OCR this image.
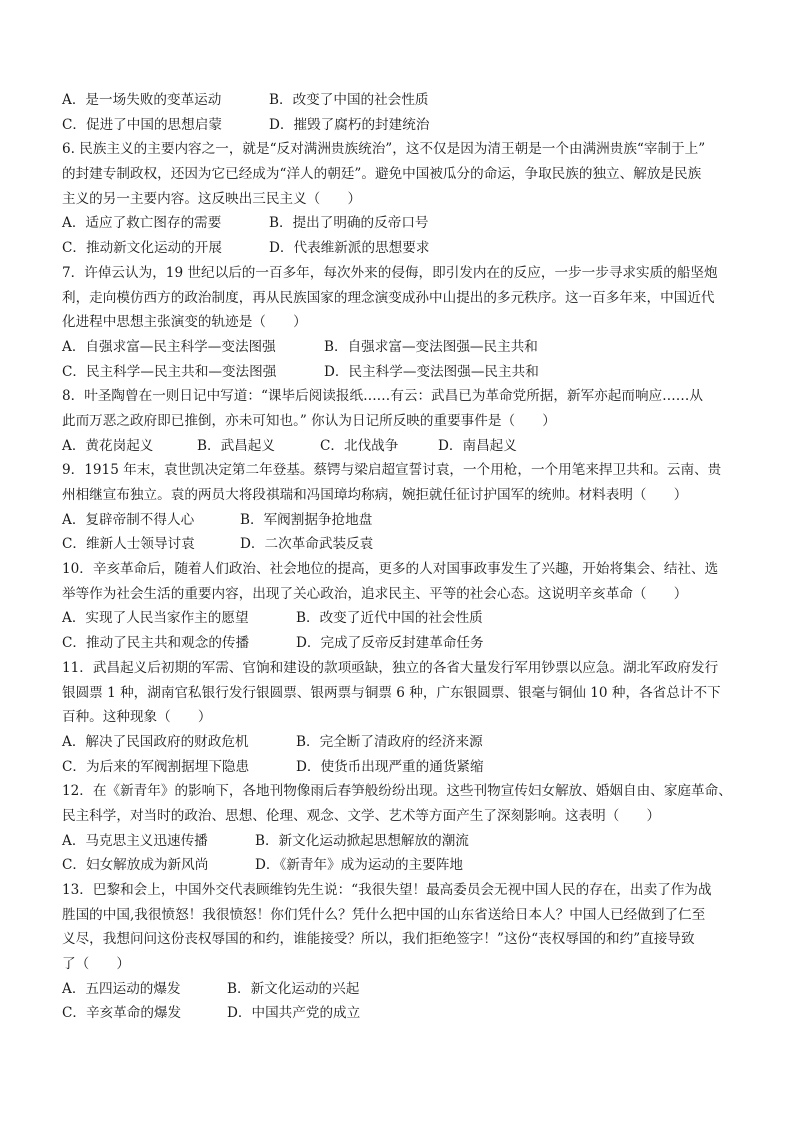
A．是一场失败的变革运动	B．改变了中国的社会性质
C．促进了中国的思想启蒙	D．摧毁了腐朽的封建统治
6. 民族主义的主要内容之一，就是“反对满洲贵族统治”，这不仅是因为清王朝是一个由满洲贵族“宰制于上”
的封建专制政权，还因为它已经成为“洋人的朝廷”。避免中国被瓜分的命运，争取民族的独立、解放是民族
主义的另一主要内容。这反映出三民主义（　　）
A．适应了救亡图存的需要	B．提出了明确的反帝口号
C．推动新文化运动的开展	D．代表维新派的思想要求
7．许倬云认为，19 世纪以后的一百多年，每次外来的侵侮，即引发内在的反应，一步一步寻求实质的船坚炮
利，走向模仿西方的政治制度，再从民族国家的理念演变成孙中山提出的多元秩序。这一百多年来，中国近代
化进程中思想主张演变的轨迹是（　　）
A．自强求富—民主科学—变法图强	B．自强求富—变法图强—民主共和
C．民主科学—民主共和—变法图强	D．民主科学—变法图强—民主共和
8．叶圣陶曾在一则日记中写道：“课毕后阅读报纸……有云：武昌已为革命党所据，新军亦起而响应……从
此而万恶之政府即已推倒，亦未可知也。” 你认为日记所反映的重要事件是（　　）
A．黄花岗起义	B．武昌起义	C．北伐战争	D．南昌起义
9．1915 年末，袁世凯决定第二年登基。蔡锷与梁启超宣誓讨袁，一个用枪，一个用笔来捍卫共和。云南、贵
州相继宣布独立。袁的两员大将段祺瑞和冯国璋均称病，婉拒就任征讨护国军的统帅。材料表明（　　）
A．复辟帝制不得人心	B．军阀割据争抢地盘
C．维新人士领导讨袁	D．二次革命武装反袁
10．辛亥革命后，随着人们政治、社会地位的提高，更多的人对国事政事发生了兴趣，开始将集会、结社、选
举等作为社会生活的重要内容，出现了关心政治，追求民主、平等的社会心态。这说明辛亥革命（　　）
A．实现了人民当家作主的愿望	B．改变了近代中国的社会性质
C．推动了民主共和观念的传播	D．完成了反帝反封建革命任务
11．武昌起义后初期的军需、官饷和建设的款项亟缺，独立的各省大量发行军用钞票以应急。湖北军政府发行
银圆票 1 种，湖南官私银行发行银圆票、银两票与铜票 6 种，广东银圆票、银毫与铜仙 10 种，各省总计不下
百种。这种现象（　　）
A．解决了民国政府的财政危机	B．完全断了清政府的经济来源
C．为后来的军阀割据埋下隐患	D．使货币出现严重的通货紧缩
12．在《新青年》的影响下，各地刊物像雨后春笋般纷纷出现。这些刊物宣传妇女解放、婚姻自由、家庭革命、
民主科学，对当时的政治、思想、伦理、观念、文学、艺术等方面产生了深刻影响。这表明（　　）
A．马克思主义迅速传播	B．新文化运动掀起思想解放的潮流
C．妇女解放成为新风尚	D．《新青年》成为运动的主要阵地
13．巴黎和会上，中国外交代表顾维钧先生说：“我很失望！最高委员会无视中国人民的存在，出卖了作为战
胜国的中国,我很愤怒！我很愤怒！你们凭什么？凭什么把中国的山东省送给日本人？中国人已经做到了仁至
义尽，我想问问这份丧权辱国的和约，谁能接受？所以，我们拒绝签字！”这份“丧权辱国的和约”直接导致
了（　　）
A．五四运动的爆发	B．新文化运动的兴起
C．辛亥革命的爆发	D．中国共产党的成立
